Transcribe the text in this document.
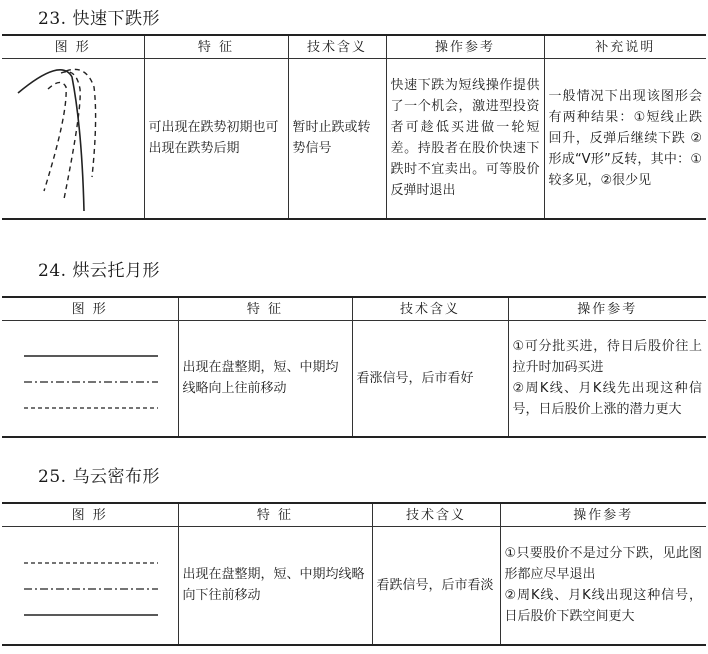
23. 快速下跌形
图 形	特 征	技术含义	操作参考	补充说明

	可出现在跌势初期也可出现在跌势后期	暂时止跌或转势信号	快速下跌为短线操作提供了一个机会，激进型投资者可趁低买进做一轮短差。持股者在股价快速下跌时不宜卖出。可等股价反弹时退出	一般情况下出现该图形会有两种结果：①短线止跌回升，反弹后继续下跌 ②形成“V形”反转，其中：①较多见，②很少见
24. 烘云托月形
图 形	特 征	技术含义	操作参考

	出现在盘整期，短、中期均线略向上往前移动	看涨信号，后市看好	①可分批买进，待日后股价往上拉升时加码买进
②周K线、月K线先出现这种信号，日后股价上涨的潜力更大
25. 乌云密布形
图 形	特 征	技术含义	操作参考

	出现在盘整期，短、中期均线略向下往前移动	看跌信号，后市看淡	①只要股价不是过分下跌，见此图形都应尽早退出
②周K线、月K线出现这种信号，日后股价下跌空间更大
